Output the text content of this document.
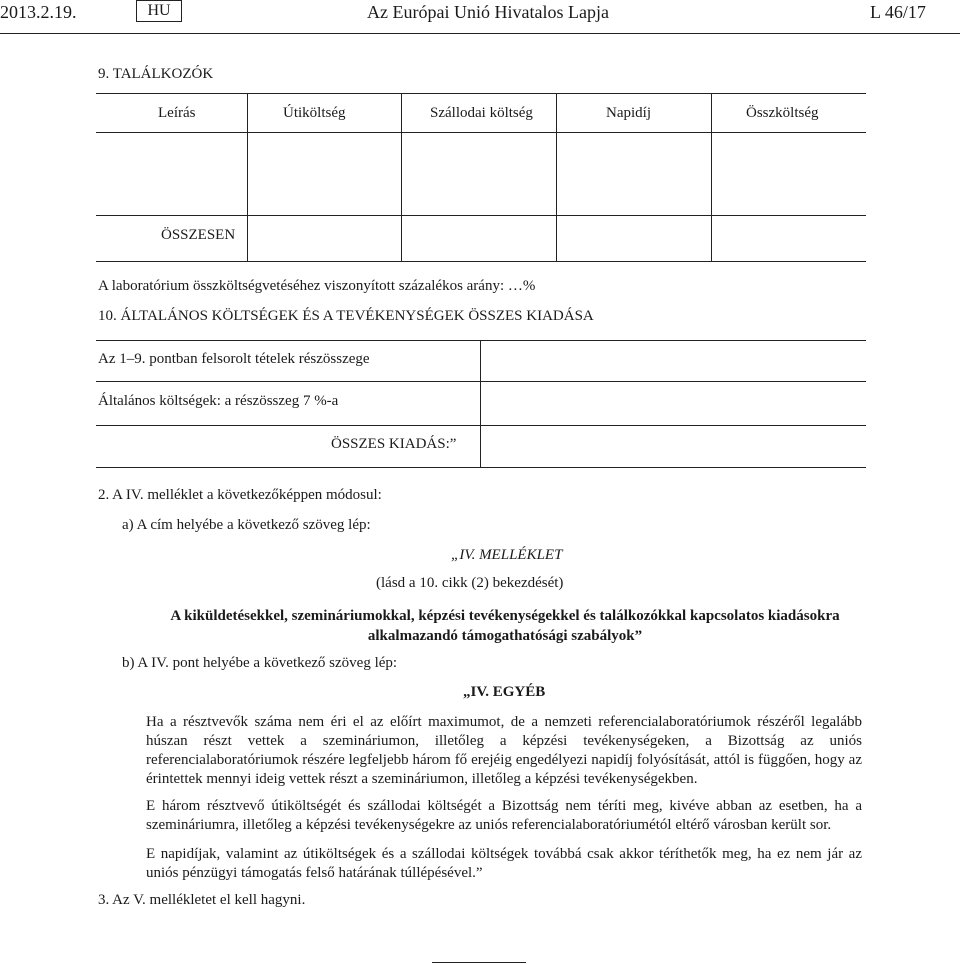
2013.2.19.	HU	Az Európai Unió Hivatalos Lapja	L 46/17
9. TALÁLKOZÓK
Leírás	Útiköltség	Szállodai költség	Napidíj	Összköltség
ÖSSZESEN
A laboratórium összköltségvetéséhez viszonyított százalékos arány: …%
10. ÁLTALÁNOS KÖLTSÉGEK ÉS A TEVÉKENYSÉGEK ÖSSZES KIADÁSA
Az 1–9. pontban felsorolt tételek részösszege
Általános költségek: a részösszeg 7 %-a
ÖSSZES KIADÁS:”
2. A IV. melléklet a következőképpen módosul:
a) A cím helyébe a következő szöveg lép:
„IV. MELLÉKLET
(lásd a 10. cikk (2) bekezdését)
A kiküldetésekkel, szemináriumokkal, képzési tevékenységekkel és találkozókkal kapcsolatos kiadásokra alkalmazandó támogathatósági szabályok”
b) A IV. pont helyébe a következő szöveg lép:
„IV. EGYÉB
Ha a résztvevők száma nem éri el az előírt maximumot, de a nemzeti referencialaboratóriumok részéről legalább húszan részt vettek a szemináriumon, illetőleg a képzési tevékenységeken, a Bizottság az uniós referencialaboratóriumok részére legfeljebb három fő erejéig engedélyezi napidíj folyósítását, attól is függően, hogy az érintettek mennyi ideig vettek részt a szemináriumon, illetőleg a képzési tevékenységekben.
E három résztvevő útiköltségét és szállodai költségét a Bizottság nem téríti meg, kivéve abban az esetben, ha a szemináriumra, illetőleg a képzési tevékenységekre az uniós referencialaboratóriumétól eltérő városban került sor.
E napidíjak, valamint az útiköltségek és a szállodai költségek továbbá csak akkor téríthetők meg, ha ez nem jár az uniós pénzügyi támogatás felső határának túllépésével.”
3. Az V. mellékletet el kell hagyni.
